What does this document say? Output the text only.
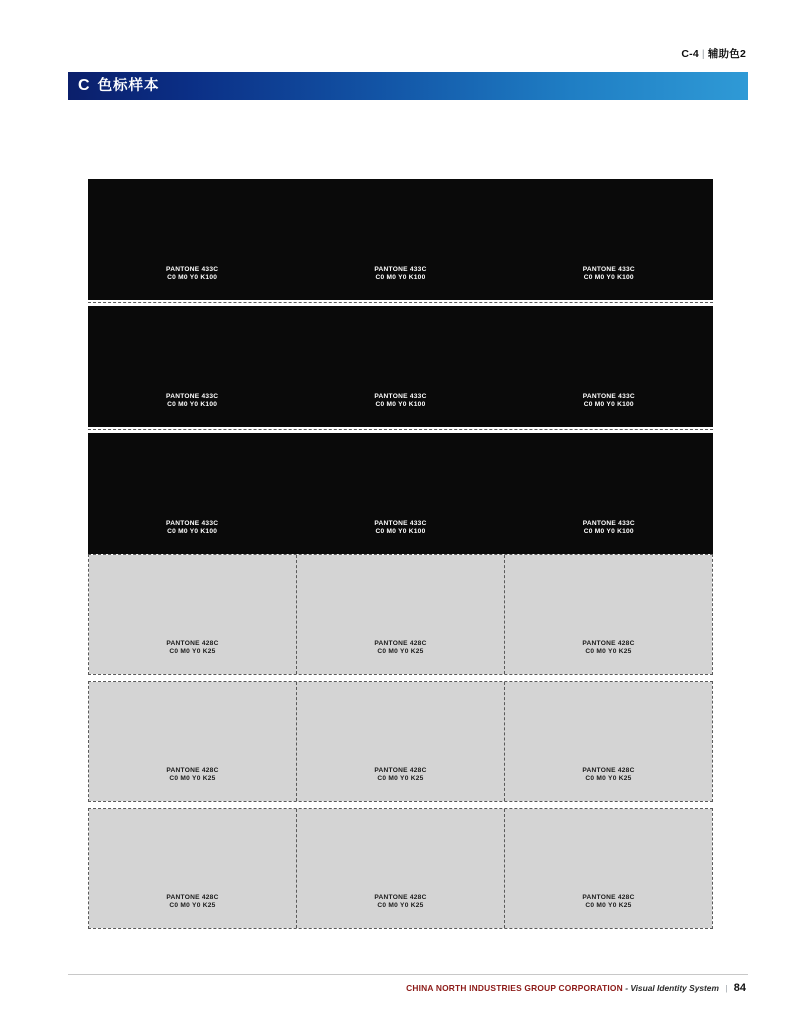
C-4 | 辅助色2
C 色标样本
PANTONE 433C
C0 M0 Y0 K100
PANTONE 433C
C0 M0 Y0 K100
PANTONE 433C
C0 M0 Y0 K100
PANTONE 433C
C0 M0 Y0 K100
PANTONE 433C
C0 M0 Y0 K100
PANTONE 433C
C0 M0 Y0 K100
PANTONE 433C
C0 M0 Y0 K100
PANTONE 433C
C0 M0 Y0 K100
PANTONE 433C
C0 M0 Y0 K100
PANTONE 428C
C0 M0 Y0 K25
PANTONE 428C
C0 M0 Y0 K25
PANTONE 428C
C0 M0 Y0 K25
PANTONE 428C
C0 M0 Y0 K25
PANTONE 428C
C0 M0 Y0 K25
PANTONE 428C
C0 M0 Y0 K25
PANTONE 428C
C0 M0 Y0 K25
PANTONE 428C
C0 M0 Y0 K25
PANTONE 428C
C0 M0 Y0 K25
CHINA NORTH INDUSTRIES GROUP CORPORATION - Visual Identity System | 84
